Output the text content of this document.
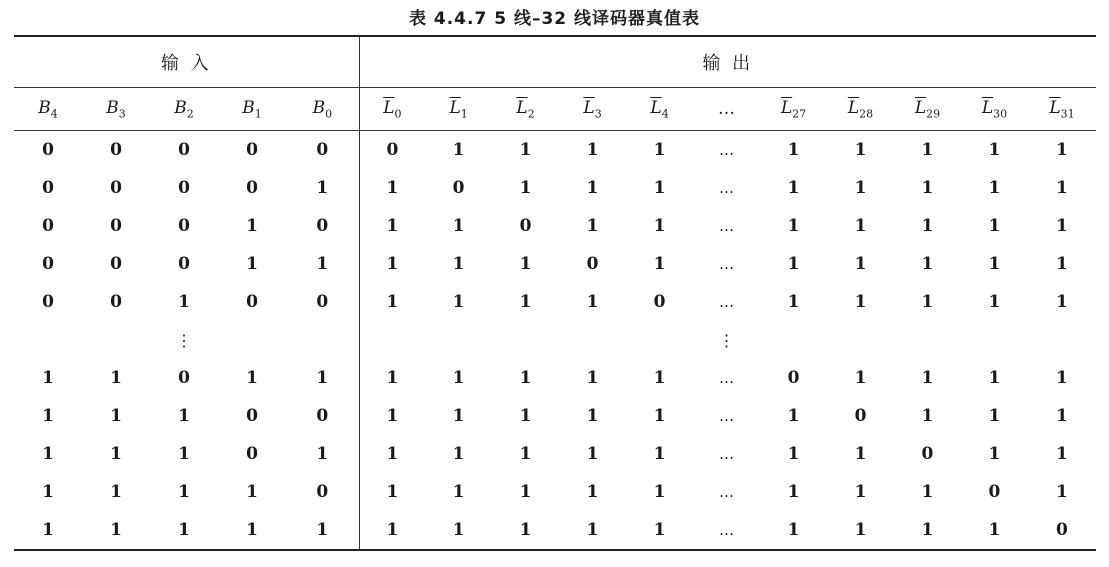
表 4.4.7 5 线–32 线译码器真值表
输 入					输 出										
$B_4$	$B_3$	$B_2$	$B_1$	$B_0$	$\overline{L}_0$	$\overline{L}_1$	$\overline{L}_2$	$\overline{L}_3$	$\overline{L}_4$	…	$\overline{L}_{27}$	$\overline{L}_{28}$	$\overline{L}_{29}$	$\overline{L}_{30}$	$\overline{L}_{31}$
0	0	0	0	0	0	1	1	1	1	…	1	1	1	1	1
0	0	0	0	1	1	0	1	1	1	…	1	1	1	1	1
0	0	0	1	0	1	1	0	1	1	…	1	1	1	1	1
0	0	0	1	1	1	1	1	0	1	…	1	1	1	1	1
0	0	1	0	0	1	1	1	1	0	…	1	1	1	1	1
		⋮								⋮					
1	1	0	1	1	1	1	1	1	1	…	0	1	1	1	1
1	1	1	0	0	1	1	1	1	1	…	1	0	1	1	1
1	1	1	0	1	1	1	1	1	1	…	1	1	0	1	1
1	1	1	1	0	1	1	1	1	1	…	1	1	1	0	1
1	1	1	1	1	1	1	1	1	1	…	1	1	1	1	0
